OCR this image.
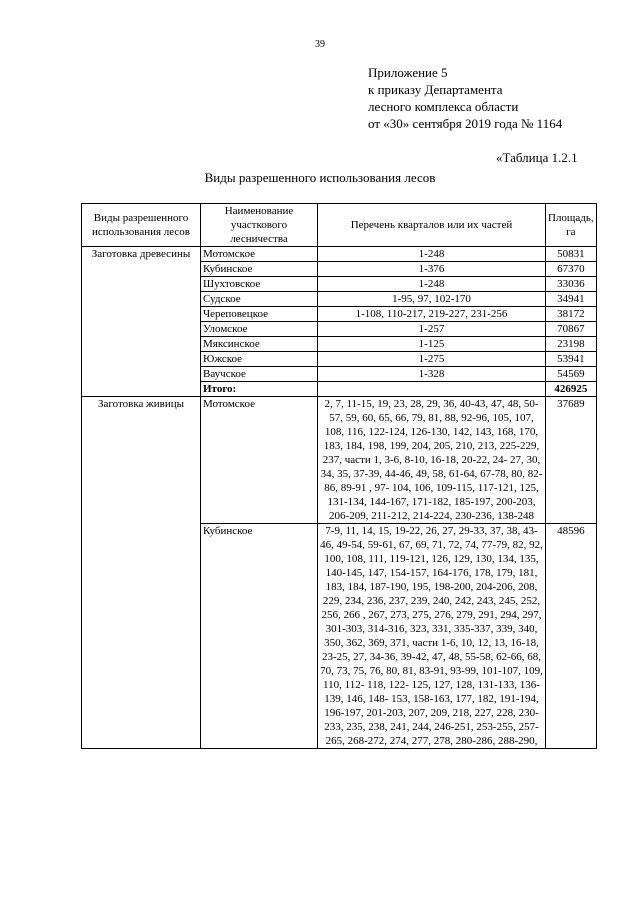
39
Приложение 5
к приказу Департамента
лесного комплекса области
от «30» сентября 2019 года № 1164
«Таблица 1.2.1
Виды разрешенного использования лесов
Виды разрешенного использования лесов	Наименование участкового лесничества	Перечень кварталов или их частей	Площадь, га
Заготовка древесины	Мотомское	1-248	50831
	Кубинское	1-376	67370
	Шухтовское	1-248	33036
	Судское	1-95, 97, 102-170	34941
	Череповецкое	1-108, 110-217, 219-227, 231-256	38172
	Уломское	1-257	70867
	Мяксинское	1-125	23198
	Южское	1-275	53941
	Ваучское	1-328	54569
	Итого:		426925
Заготовка живицы	Мотомское	2, 7, 11-15, 19, 23, 28, 29, 36, 40-43, 47, 48, 50-57, 59, 60, 65, 66, 79, 81, 88, 92-96, 105, 107, 108, 116, 122-124, 126-130, 142, 143, 168, 170, 183, 184, 198, 199, 204, 205, 210, 213, 225-229, 237, части 1, 3-6, 8-10, 16-18, 20-22, 24- 27, 30, 34, 35, 37-39, 44-46, 49, 58, 61-64, 67-78, 80, 82-86, 89-91 , 97- 104, 106, 109-115, 117-121, 125, 131-134, 144-167, 171-182, 185-197, 200-203, 206-209, 211-212, 214-224, 230-236, 138-248	37689
	Кубинское	7-9, 11, 14, 15, 19-22, 26, 27, 29-33, 37, 38, 43-46, 49-54, 59-61, 67, 69, 71, 72, 74, 77-79, 82, 92, 100, 108, 111, 119-121, 126, 129, 130, 134, 135, 140-145, 147, 154-157, 164-176, 178, 179, 181, 183, 184, 187-190, 195, 198-200, 204-206, 208, 229, 234, 236, 237, 239, 240, 242, 243, 245, 252, 256, 266 , 267, 273, 275, 276, 279, 291, 294, 297, 301-303, 314-316, 323, 331, 335-337, 339, 340, 350, 362, 369, 371, части 1-6, 10, 12, 13, 16-18, 23-25, 27, 34-36, 39-42, 47, 48, 55-58, 62-66, 68, 70, 73, 75, 76, 80, 81, 83-91, 93-99, 101-107, 109, 110, 112- 118, 122- 125, 127, 128, 131-133, 136-139, 146, 148- 153, 158-163, 177, 182, 191-194, 196-197, 201-203, 207, 209, 218, 227, 228, 230-233, 235, 238, 241, 244, 246-251, 253-255, 257-265, 268-272, 274, 277, 278, 280-286, 288-290,	48596
